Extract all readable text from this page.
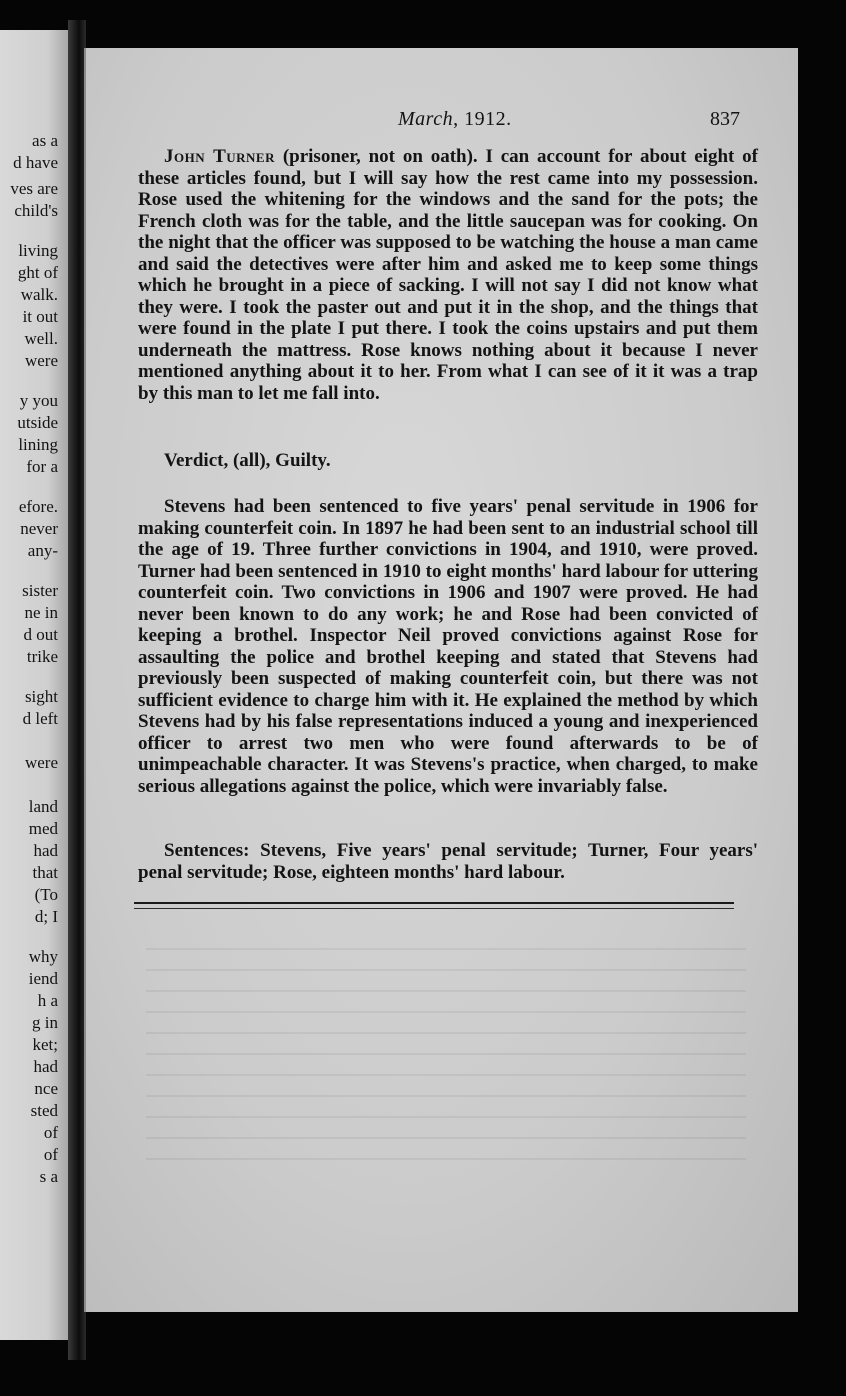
as a
d have
ves are
child's
living
ght of
walk.
it out
well.
were
y you
utside
lining
for a
efore.
never
any-
sister
ne in
d out
trike
sight
d left
were
land
med
had
that
(To
d; I
why
iend
h a
g in
ket;
had
nce
sted
of
of
s a
March, 1912.	837

John Turner (prisoner, not on oath). I can account for about eight of these articles found, but I will say how the rest came into my possession. Rose used the whitening for the windows and the sand for the pots; the French cloth was for the table, and the little saucepan was for cooking. On the night that the officer was supposed to be watching the house a man came and said the detectives were after him and asked me to keep some things which he brought in a piece of sacking. I will not say I did not know what they were. I took the paster out and put it in the shop, and the things that were found in the plate I put there. I took the coins upstairs and put them underneath the mattress. Rose knows nothing about it because I never mentioned anything about it to her. From what I can see of it it was a trap by this man to let me fall into.

Verdict, (all), Guilty.

Stevens had been sentenced to five years' penal servitude in 1906 for making counterfeit coin. In 1897 he had been sent to an industrial school till the age of 19. Three further convictions in 1904, and 1910, were proved. Turner had been sentenced in 1910 to eight months' hard labour for uttering counterfeit coin. Two convictions in 1906 and 1907 were proved. He had never been known to do any work; he and Rose had been convicted of keeping a brothel. Inspector Neil proved convictions against Rose for assaulting the police and brothel keeping and stated that Stevens had previously been suspected of making counterfeit coin, but there was not sufficient evidence to charge him with it. He explained the method by which Stevens had by his false representations induced a young and inexperienced officer to arrest two men who were found afterwards to be of unimpeachable character. It was Stevens's practice, when charged, to make serious allegations against the police, which were invariably false.

Sentences: Stevens, Five years' penal servitude; Turner, Four years' penal servitude; Rose, eighteen months' hard labour.
